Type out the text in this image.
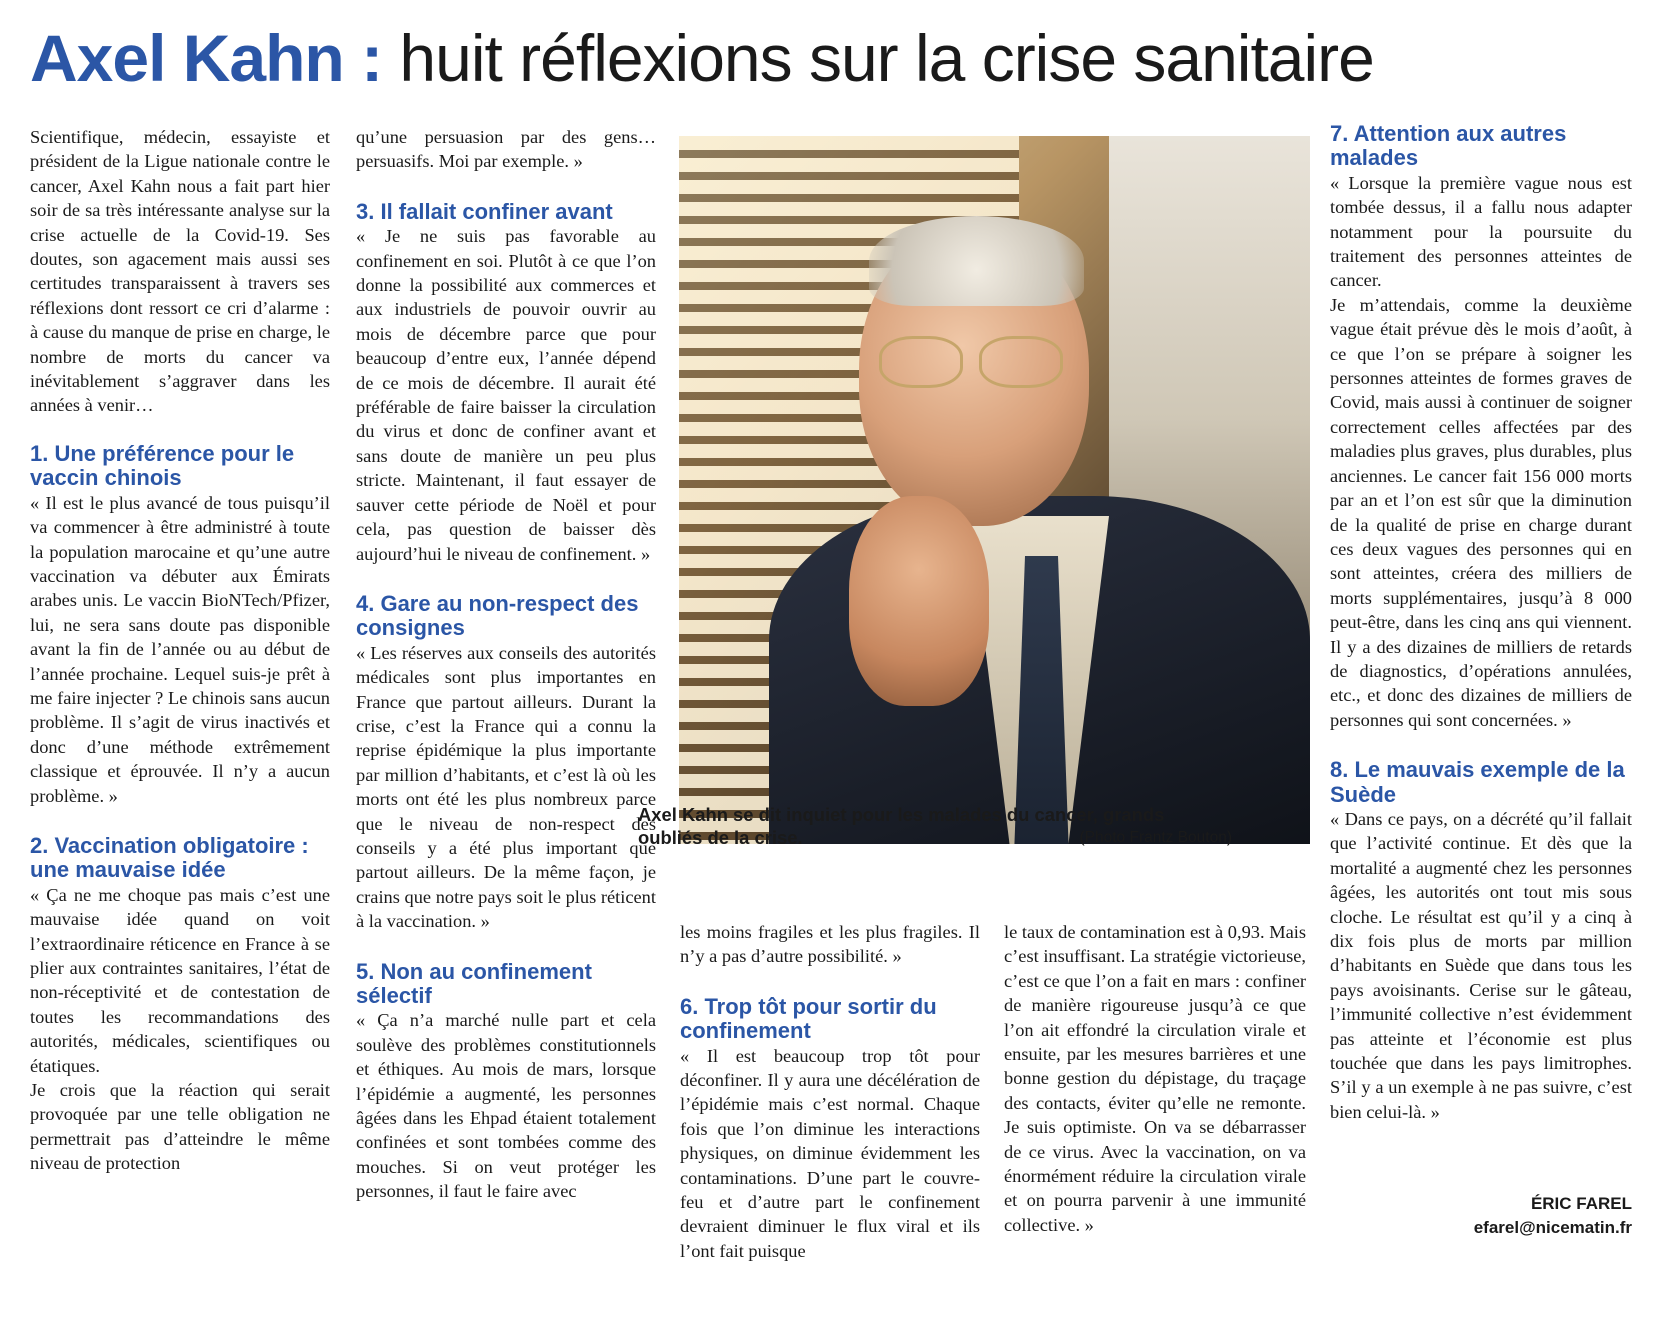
Axel Kahn : huit réflexions sur la crise sanitaire

Scientifique, médecin, essayiste et président de la Ligue nationale contre le cancer, Axel Kahn nous a fait part hier soir de sa très intéressante analyse sur la crise actuelle de la Covid-19. Ses doutes, son agacement mais aussi ses certitudes transparaissent à travers ses réflexions dont ressort ce cri d’alarme : à cause du manque de prise en charge, le nombre de morts du cancer va inévitablement s’aggraver dans les années à venir…

1. Une préférence pour le vaccin chinois

« Il est le plus avancé de tous puisqu’il va commencer à être administré à toute la population marocaine et qu’une autre vaccination va débuter aux Émirats arabes unis. Le vaccin BioNTech/Pfizer, lui, ne sera sans doute pas disponible avant la fin de l’année ou au début de l’année prochaine. Lequel suis-je prêt à me faire injecter ? Le chinois sans aucun problème. Il s’agit de virus inactivés et donc d’une méthode extrêmement classique et éprouvée. Il n’y a aucun problème. »

2. Vaccination obligatoire : une mauvaise idée

« Ça ne me choque pas mais c’est une mauvaise idée quand on voit l’extraordinaire réticence en France à se plier aux contraintes sanitaires, l’état de non-réceptivité et de contestation de toutes les recommandations des autorités, médicales, scientifiques ou étatiques.

Je crois que la réaction qui serait provoquée par une telle obligation ne permettrait pas d’atteindre le même niveau de protection

qu’une persuasion par des gens… persuasifs. Moi par exemple. »

3. Il fallait confiner avant

« Je ne suis pas favorable au confinement en soi. Plutôt à ce que l’on donne la possibilité aux commerces et aux industriels de pouvoir ouvrir au mois de décembre parce que pour beaucoup d’entre eux, l’année dépend de ce mois de décembre. Il aurait été préférable de faire baisser la circulation du virus et donc de confiner avant et sans doute de manière un peu plus stricte. Maintenant, il faut essayer de sauver cette période de Noël et pour cela, pas question de baisser dès aujourd’hui le niveau de confinement. »

4. Gare au non-respect des consignes

« Les réserves aux conseils des autorités médicales sont plus importantes en France que partout ailleurs. Durant la crise, c’est la France qui a connu la reprise épidémique la plus importante par million d’habitants, et c’est là où les morts ont été les plus nombreux parce que le niveau de non-respect des conseils y a été plus important que partout ailleurs. De la même façon, je crains que notre pays soit le plus réticent à la vaccination. »

5. Non au confinement sélectif

« Ça n’a marché nulle part et cela soulève des problèmes constitutionnels et éthiques. Au mois de mars, lorsque l’épidémie a augmenté, les personnes âgées dans les Ehpad étaient totalement confinées et sont tombées comme des mouches. Si on veut protéger les personnes, il faut le faire avec

Axel Kahn se dit inquiet pour les malades du cancer, grands oubliés de la crise.	(Photo Frantz Bouton)

les moins fragiles et les plus fragiles. Il n’y a pas d’autre possibilité. »

6. Trop tôt pour sortir du confinement

« Il est beaucoup trop tôt pour déconfiner. Il y aura une décélération de l’épidémie mais c’est normal. Chaque fois que l’on diminue les interactions physiques, on diminue évidemment les contaminations. D’une part le couvre-feu et d’autre part le confinement devraient diminuer le flux viral et ils l’ont fait puisque

le taux de contamination est à 0,93. Mais c’est insuffisant. La stratégie victorieuse, c’est ce que l’on a fait en mars : confiner de manière rigoureuse jusqu’à ce que l’on ait effondré la circulation virale et ensuite, par les mesures barrières et une bonne gestion du dépistage, du traçage des contacts, éviter qu’elle ne remonte. Je suis optimiste. On va se débarrasser de ce virus. Avec la vaccination, on va énormément réduire la circulation virale et on pourra parvenir à une immunité collective. »

7. Attention aux autres malades

« Lorsque la première vague nous est tombée dessus, il a fallu nous adapter notamment pour la poursuite du traitement des personnes atteintes de cancer.

Je m’attendais, comme la deuxième vague était prévue dès le mois d’août, à ce que l’on se prépare à soigner les personnes atteintes de formes graves de Covid, mais aussi à continuer de soigner correctement celles affectées par des maladies plus graves, plus durables, plus anciennes. Le cancer fait 156 000 morts par an et l’on est sûr que la diminution de la qualité de prise en charge durant ces deux vagues des personnes qui en sont atteintes, créera des milliers de morts supplémentaires, jusqu’à 8 000 peut-être, dans les cinq ans qui viennent. Il y a des dizaines de milliers de retards de diagnostics, d’opérations annulées, etc., et donc des dizaines de milliers de personnes qui sont concernées. »

8. Le mauvais exemple de la Suède

« Dans ce pays, on a décrété qu’il fallait que l’activité continue. Et dès que la mortalité a augmenté chez les personnes âgées, les autorités ont tout mis sous cloche. Le résultat est qu’il y a cinq à dix fois plus de morts par million d’habitants en Suède que dans tous les pays avoisinants. Cerise sur le gâteau, l’immunité collective n’est évidemment pas atteinte et l’économie est plus touchée que dans les pays limitrophes. S’il y a un exemple à ne pas suivre, c’est bien celui-là. »

ÉRIC FAREL
efarel@nicematin.fr
